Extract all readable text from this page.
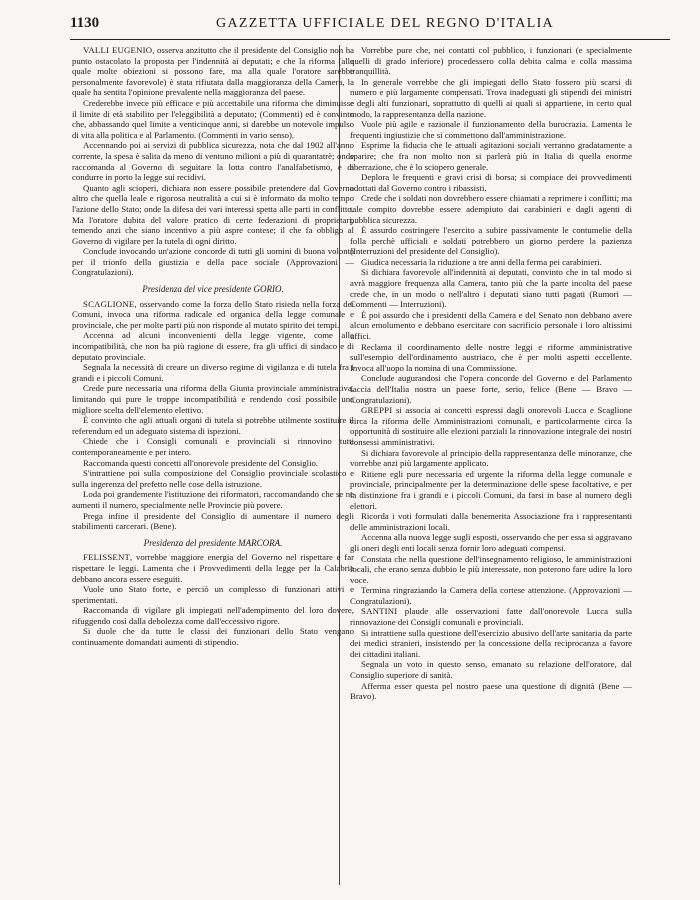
1130	GAZZETTA UFFICIALE DEL REGNO D'ITALIA

VALLI EUGENIO, osserva anzitutto che il presidente del Consiglio non ha punto ostacolato la proposta per l'indennità ai deputati; e che la riforma (alla quale molte obiezioni si possono fare, ma alla quale l'oratore sarebbe personalmente favorevole) è stata rifiutata dalla maggioranza della Camera, la quale ha sentita l'opinione prevalente nella maggioranza del paese.

Crederebbe invece più efficace e più accettabile una riforma che diminuisse il limite di età stabilito per l'eleggibilità a deputato; (Commenti) ed è convinto che, abbassando quel limite a venticinque anni, si darebbe un notevole impulso di vita alla politica e al Parlamento. (Commenti in vario senso).

Accennando poi ai servizi di pubblica sicurezza, nota che dal 1902 all'anno corrente, la spesa è salita da meno di ventuno milioni a più di quarantatrè; onde raccomanda al Governo di seguitare la lotta contro l'analfabetismo, e di condurre in porto la legge sui recidivi.

Quanto agli scioperi, dichiara non essere possibile pretendere dal Governo altro che quella leale e rigorosa neutralità a cui si è informato da molto tempo l'azione dello Stato; onde la difesa dei vari interessi spetta alle parti in conflitto. Ma l'oratore dubita del valore pratico di certe federazioni di proprietari, temendo anzi che siano incentivo a più aspre contese; il che fa obbligo al Governo di vigilare per la tutela di ogni diritto.

Conclude invocando un'azione concorde di tutti gli uomini di buona volontà per il trionfo della giustizia e della pace sociale (Approvazioni — Congratulazioni).

Presidenza del vice presidente GORIO.

SCAGLIONE, osservando come la forza dello Stato risieda nella forza dei Comuni, invoca una riforma radicale ed organica della legge comunale e provinciale, che per molte parti più non risponde al mutato spirito dei tempi.

Accenna ad alcuni inconvenienti della legge vigente, come alla incompatibilità, che non ha più ragione di essere, fra gli uffici di sindaco e di deputato provinciale.

Segnala la necessità di creare un diverso regime di vigilanza e di tutela fra i grandi e i piccoli Comuni.

Crede pure necessaria una riforma della Giunta provinciale amministrativa, limitando qui pure le troppe incompatibilità e rendendo così possibile una migliore scelta dell'elemento elettivo.

È convinto che agli attuali organi di tutela si potrebbe utilmente sostituire il referendum ed un adeguato sistema di ispezioni.

Chiede che i Consigli comunali e provinciali si rinnovino tutti contemporaneamente e per intero.

Raccomanda questi concetti all'onorevole presidente del Consiglio.

S'intrattiene poi sulla composizione del Consiglio provinciale scolastico e sulla ingerenza del prefetto nelle cose della istruzione.

Loda poi grandemente l'istituzione dei riformatori, raccomandando che se ne aumenti il numero, specialmente nelle Provincie più povere.

Prega infine il presidente del Consiglio di aumentare il numero degli stabilimenti carcerari. (Bene).

Presidenza del presidente MARCORA.

FELISSENT, vorrebbe maggiore energia del Governo nel rispettare e far rispettare le leggi. Lamenta che i Provvedimenti della legge per la Calabria debbano ancora essere eseguiti.

Vuole uno Stato forte, e perciò un complesso di funzionari attivi e sperimentati.

Raccomanda di vigilare gli impiegati nell'adempimento del loro dovere, rifuggendo così dalla debolezza come dall'eccessivo rigore.

Si duole che da tutte le classi dei funzionari dello Stato vengano continuamente domandati aumenti di stipendio.

Vorrebbe pure che, nei contatti col pubblico, i funzionari (e specialmente quelli di grado inferiore) procedessero colla debita calma e colla massima tranquillità.

In generale vorrebbe che gli impiegati dello Stato fossero più scarsi di numero e più largamente compensati. Trova inadeguati gli stipendi dei ministri e degli alti funzionari, soprattutto di quelli ai quali si appartiene, in certo qual modo, la rappresentanza della nazione.

Vuole più agile e razionale il funzionamento della burocrazia. Lamenta le frequenti ingiustizie che si commettono dall'amministrazione.

Esprime la fiducia che le attuali agitazioni sociali verranno gradatamente a sparire; che fra non molto non si parlerà più in Italia di quella enorme aberrazione, che è lo sciopero generale.

Deplora le frequenti e gravi crisi di borsa; si compiace dei provvedimenti adottati dal Governo contro i ribassisti.

Crede che i soldati non dovrebbero essere chiamati a reprimere i conflitti; ma tale compito dovrebbe essere adempiuto dai carabinieri e dagli agenti di pubblica sicurezza.

È assurdo costringere l'esercito a subire passivamente le contumelie della folla perchè ufficiali e soldati potrebbero un giorno perdere la pazienza (Interruzioni del presidente del Consiglio).

Giudica necessaria la riduzione a tre anni della ferma pei carabinieri.

Si dichiara favorevole all'indennità ai deputati, convinto che in tal modo si avrà maggiore frequenza alla Camera, tanto più che la parte incolta del paese crede che, in un modo o nell'altro i deputati siano tutti pagati (Rumori — Commenti — Interruzioni).

È poi assurdo che i presidenti della Camera e del Senato non debbano avere alcun emolumento e debbano esercitare con sacrificio personale i loro altissimi uffici.

Reclama il coordinamento delle nostre leggi e riforme amministrative sull'esempio dell'ordinamento austriaco, che è per molti aspetti eccellente. Invoca all'uopo la nomina di una Commissione.

Conclude augurandosi che l'opera concorde del Governo e del Parlamento faccia dell'Italia nostra un paese forte, serio, felice (Bene — Bravo — Congratulazioni).

GREPPI si associa ai concetti espressi dagli onorevoli Lucca e Scaglione circa la riforma delle Amministrazioni comunali, e particolarmente circa la opportunità di sostituire alle elezioni parziali la rinnovazione integrale dei nostri consessi amministrativi.

Si dichiara favorevole al principio della rappresentanza delle minoranze, che vorrebbe anzi più largamente applicato.

Ritiene egli pure necessaria ed urgente la riforma della legge comunale e provinciale, principalmente per la determinazione delle spese facoltative, e per la distinzione fra i grandi e i piccoli Comuni, da farsi in base al numero degli elettori.

Ricorda i voti formulati dalla benemerita Associazione fra i rappresentanti delle amministrazioni locali.

Accenna alla nuova legge sugli esposti, osservando che per essa si aggravano gli oneri degli enti locali senza fornir loro adeguati compensi.

Constata che nella questione dell'insegnamento religioso, le amministrazioni locali, che erano senza dubbio le più interessate, non poterono fare udire la loro voce.

Termina ringraziando la Camera della cortese attenzione. (Approvazioni — Congratulazioni).

SANTINI plaude alle osservazioni fatte dall'onorevole Lucca sulla rinnovazione dei Consigli comunali e provinciali.

Si intrattiene sulla questione dell'esercizio abusivo dell'arte sanitaria da parte dei medici stranieri, insistendo per la concessione della reciprocanza a favore dei cittadini italiani.

Segnala un voto in questo senso, emanato su relazione dell'oratore, dal Consiglio superiore di sanità.

Afferma esser questa pel nostro paese una questione di dignità (Bene — Bravo).
